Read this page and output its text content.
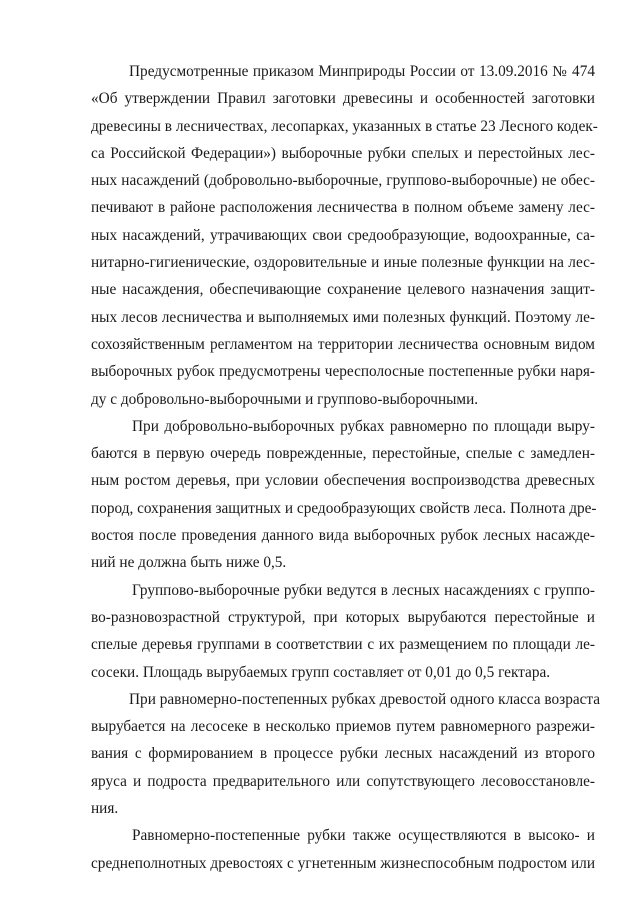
Предусмотренные приказом Минприроды России от 13.09.2016 № 474
«Об утверждении Правил заготовки древесины и особенностей заготовки
древесины в лесничествах, лесопарках, указанных в статье 23 Лесного кодек-
са Российской Федерации») выборочные рубки спелых и перестойных лес-
ных насаждений (добровольно-выборочные, группово-выборочные) не обес-
печивают в районе расположения лесничества в полном объеме замену лес-
ных насаждений, утрачивающих свои средообразующие, водоохранные, са-
нитарно-гигиенические, оздоровительные и иные полезные функции на лес-
ные насаждения, обеспечивающие сохранение целевого назначения защит-
ных лесов лесничества и выполняемых ими полезных функций. Поэтому ле-
сохозяйственным регламентом на территории лесничества основным видом
выборочных рубок предусмотрены чересполосные постепенные рубки наря-
ду с добровольно-выборочными и группово-выборочными.
При добровольно-выборочных рубках равномерно по площади выру-
баются в первую очередь поврежденные, перестойные, спелые с замедлен-
ным ростом деревья, при условии обеспечения воспроизводства древесных
пород, сохранения защитных и средообразующих свойств леса. Полнота дре-
востоя после проведения данного вида выборочных рубок лесных насажде-
ний не должна быть ниже 0,5.
Группово-выборочные рубки ведутся в лесных насаждениях с группо-
во-разновозрастной структурой, при которых вырубаются перестойные и
спелые деревья группами в соответствии с их размещением по площади ле-
сосеки. Площадь вырубаемых групп составляет от 0,01 до 0,5 гектара.
При равномерно-постепенных рубках древостой одного класса возраста
вырубается на лесосеке в несколько приемов путем равномерного разрежи-
вания с формированием в процессе рубки лесных насаждений из второго
яруса и подроста предварительного или сопутствующего лесовосстановле-
ния.
Равномерно-постепенные рубки также осуществляются в высоко- и
среднеполнотных древостоях с угнетенным жизнеспособным подростом или
